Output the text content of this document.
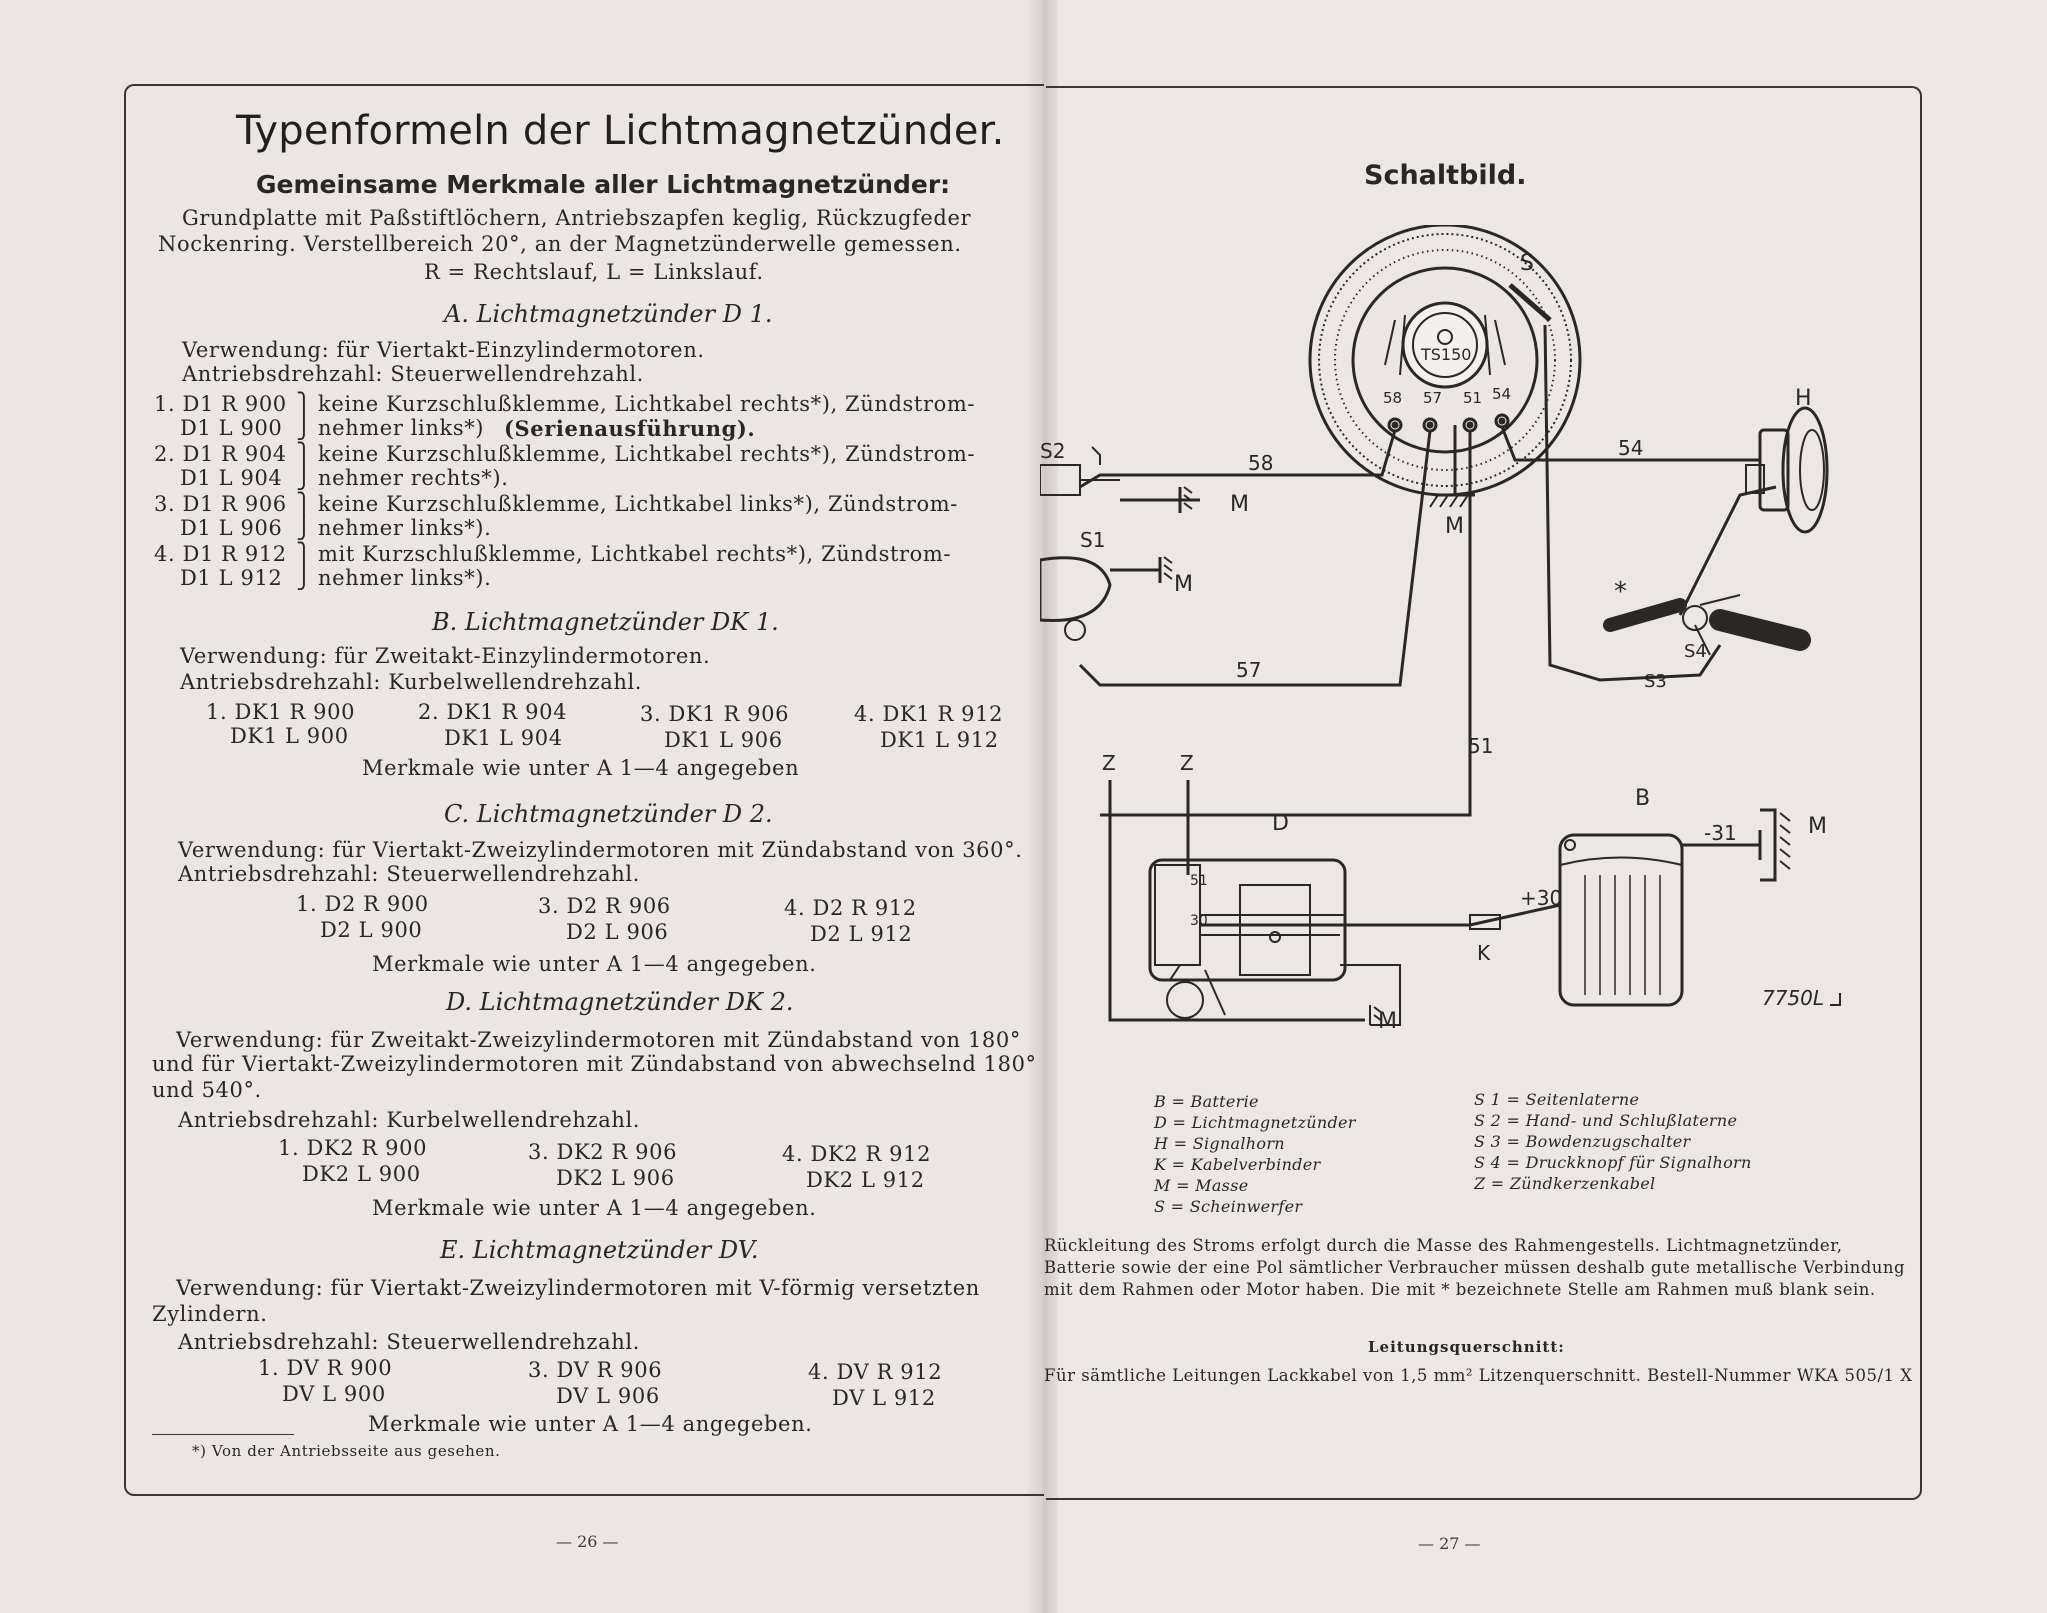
Typenformeln der Lichtmagnetzünder.
Gemeinsame Merkmale aller Lichtmagnetzünder:
Grundplatte mit Paßstiftlöchern, Antriebszapfen keglig, Rückzugfeder
Nockenring. Verstellbereich 20°, an der Magnetzünderwelle gemessen.
R = Rechtslauf, L = Linkslauf.
A. Lichtmagnetzünder D 1.
Verwendung: für Viertakt-Einzylindermotoren.
Antriebsdrehzahl: Steuerwellendrehzahl.
1. D1 R 900
D1 L 900
⎫
⎭
keine Kurzschlußklemme, Lichtkabel rechts*), Zündstrom-
nehmer links*) (Serienausführung).
2. D1 R 904
D1 L 904
⎫
⎭
keine Kurzschlußklemme, Lichtkabel rechts*), Zündstrom-
nehmer rechts*).
3. D1 R 906
D1 L 906
⎫
⎭
keine Kurzschlußklemme, Lichtkabel links*), Zündstrom-
nehmer links*).
4. D1 R 912
D1 L 912
⎫
⎭
mit Kurzschlußklemme, Lichtkabel rechts*), Zündstrom-
nehmer links*).
B. Lichtmagnetzünder DK 1.
Verwendung: für Zweitakt-Einzylindermotoren.
Antriebsdrehzahl: Kurbelwellendrehzahl.
1. DK1 R 900	2. DK1 R 904	3. DK1 R 906	4. DK1 R 912
DK1 L 900	DK1 L 904	DK1 L 906	DK1 L 912
Merkmale wie unter A 1—4 angegeben
C. Lichtmagnetzünder D 2.
Verwendung: für Viertakt-Zweizylindermotoren mit Zündabstand von 360°.
Antriebsdrehzahl: Steuerwellendrehzahl.
1. D2 R 900	3. D2 R 906	4. D2 R 912
D2 L 900	D2 L 906	D2 L 912
Merkmale wie unter A 1—4 angegeben.
D. Lichtmagnetzünder DK 2.
Verwendung: für Zweitakt-Zweizylindermotoren mit Zündabstand von 180°
und für Viertakt-Zweizylindermotoren mit Zündabstand von abwechselnd 180°
und 540°.
Antriebsdrehzahl: Kurbelwellendrehzahl.
1. DK2 R 900	3. DK2 R 906	4. DK2 R 912
DK2 L 900	DK2 L 906	DK2 L 912
Merkmale wie unter A 1—4 angegeben.
E. Lichtmagnetzünder DV.
Verwendung: für Viertakt-Zweizylindermotoren mit V-förmig versetzten
Zylindern.
Antriebsdrehzahl: Steuerwellendrehzahl.
1. DV R 900	3. DV R 906	4. DV R 912
DV L 900	DV L 906	DV L 912
Merkmale wie unter A 1—4 angegeben.
*) Von der Antriebsseite aus gesehen.
— 26 —
Schaltbild.
S
TS150
58 57 51 54
M
58
57
51
54
H
*
S4
S3
S2
M
S1
M
Z	Z
D
51
30
M
K
+30
B
-31	M
7750L
B = Batterie
D = Lichtmagnetzünder
H = Signalhorn
K = Kabelverbinder
M = Masse
S = Scheinwerfer
S 1 = Seitenlaterne
S 2 = Hand- und Schlußlaterne
S 3 = Bowdenzugschalter
S 4 = Druckknopf für Signalhorn
Z = Zündkerzenkabel
Rückleitung des Stroms erfolgt durch die Masse des Rahmengestells. Lichtmagnetzünder,
Batterie sowie der eine Pol sämtlicher Verbraucher müssen deshalb gute metallische Verbindung
mit dem Rahmen oder Motor haben. Die mit * bezeichnete Stelle am Rahmen muß blank sein.
Leitungsquerschnitt:
Für sämtliche Leitungen Lackkabel von 1,5 mm² Litzenquerschnitt. Bestell-Nummer WKA 505/1 X
— 27 —
